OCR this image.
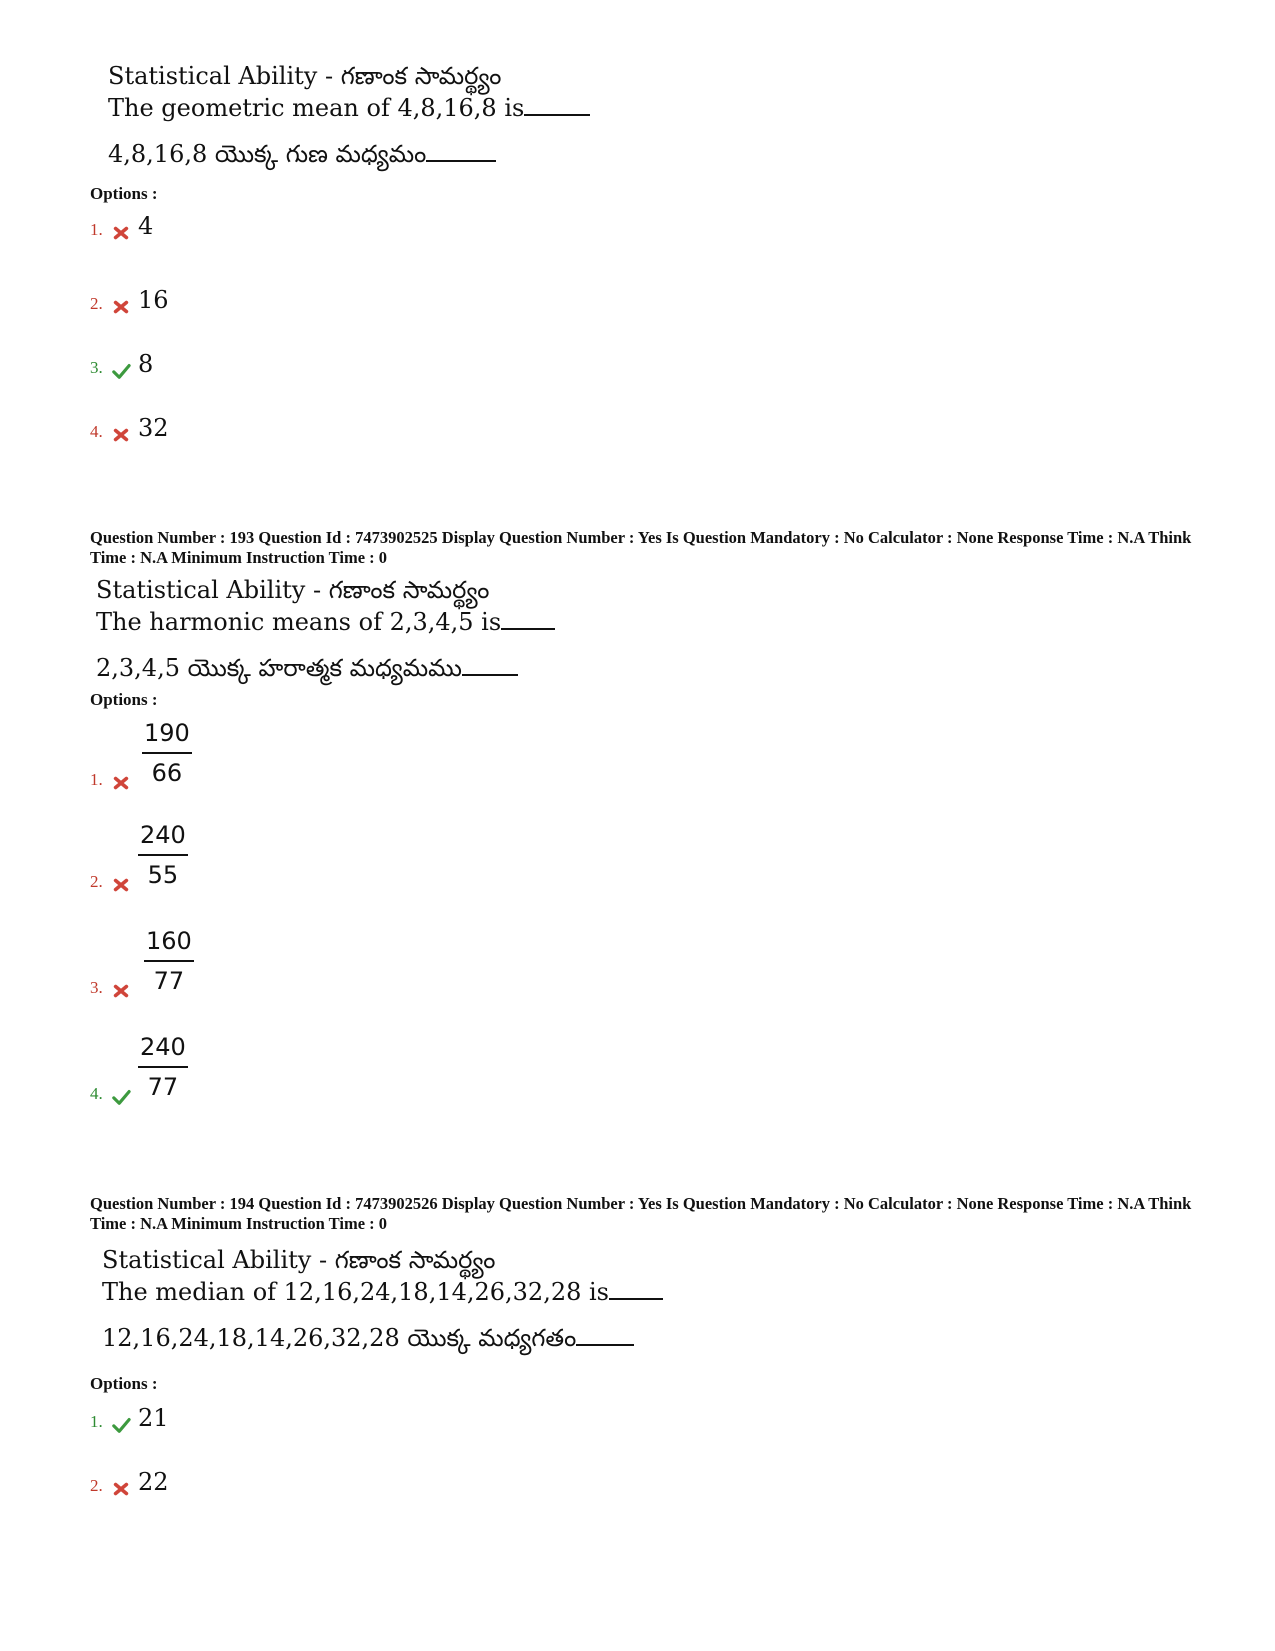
Statistical Ability - గణాంక సామర్థ్యం

The geometric mean of 4,8,16,8 is

4,8,16,8 యొక్క గుణ మధ్యమం

Options :

1.	4
2.	16
3.	8
4.	32

Question Number : 193 Question Id : 7473902525 Display Question Number : Yes Is Question Mandatory : No Calculator : None Response Time : N.A Think Time : N.A Minimum Instruction Time : 0

Statistical Ability - గణాంక సామర్థ్యం

The harmonic means of 2,3,4,5 is

2,3,4,5 యొక్క హరాత్మక మధ్యమము

Options :

1.	$\frac{190}{66}$
2.	$\frac{240}{55}$
3.	$\frac{160}{77}$
4.	$\frac{240}{77}$

Question Number : 194 Question Id : 7473902526 Display Question Number : Yes Is Question Mandatory : No Calculator : None Response Time : N.A Think Time : N.A Minimum Instruction Time : 0

Statistical Ability - గణాంక సామర్థ్యం

The median of 12,16,24,18,14,26,32,28 is

12,16,24,18,14,26,32,28 యొక్క మధ్యగతం

Options :

1.	21
2.	22
